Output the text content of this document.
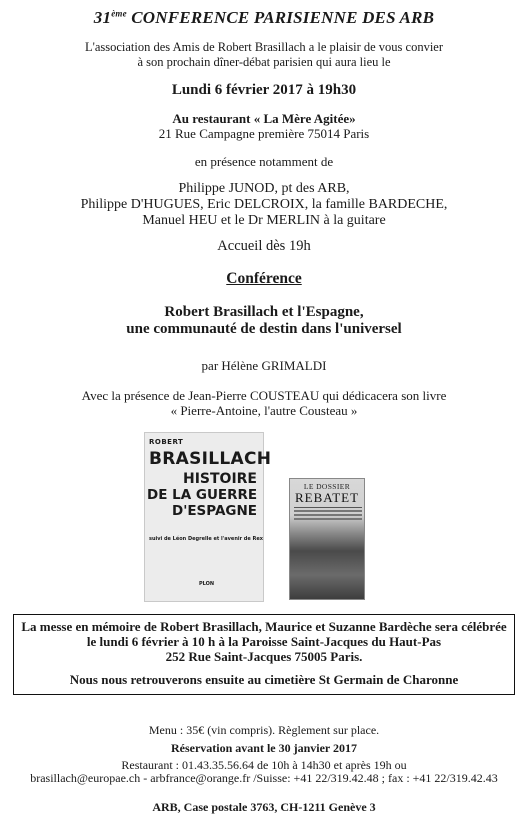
31ème CONFERENCE PARISIENNE DES ARB
L'association des Amis de Robert Brasillach a le plaisir de vous convier
à son prochain dîner-débat parisien qui aura lieu le
Lundi 6 février 2017 à 19h30
Au restaurant « La Mère Agitée»
21 Rue Campagne première 75014 Paris
en présence notamment de
Philippe JUNOD, pt des ARB,
Philippe D'HUGUES, Eric DELCROIX, la famille BARDECHE,
Manuel HEU et le Dr MERLIN à la guitare
Accueil dès 19h
Conférence
Robert Brasillach et l'Espagne,
une communauté de destin dans l'universel
par Hélène GRIMALDI
Avec la présence de Jean-Pierre COUSTEAU qui dédicacera son livre
« Pierre-Antoine, l'autre Cousteau »
ROBERT
BRASILLACH
HISTOIRE
DE LA GUERRE
D'ESPAGNE
suivi de Léon Degrelle et l'avenir de Rex
PLON
LE DOSSIER
REBATET
La messe en mémoire de Robert Brasillach, Maurice et Suzanne Bardèche sera célébrée
le lundi 6 février à 10 h à la Paroisse Saint-Jacques du Haut-Pas
252 Rue Saint-Jacques 75005 Paris.
Nous nous retrouverons ensuite au cimetière St Germain de Charonne
Menu : 35€ (vin compris). Règlement sur place.
Réservation avant le 30 janvier 2017
Restaurant : 01.43.35.56.64 de 10h à 14h30 et après 19h ou
brasillach@europae.ch - arbfrance@orange.fr /Suisse: +41 22/319.42.48 ; fax : +41 22/319.42.43
ARB, Case postale 3763, CH-1211 Genève 3
